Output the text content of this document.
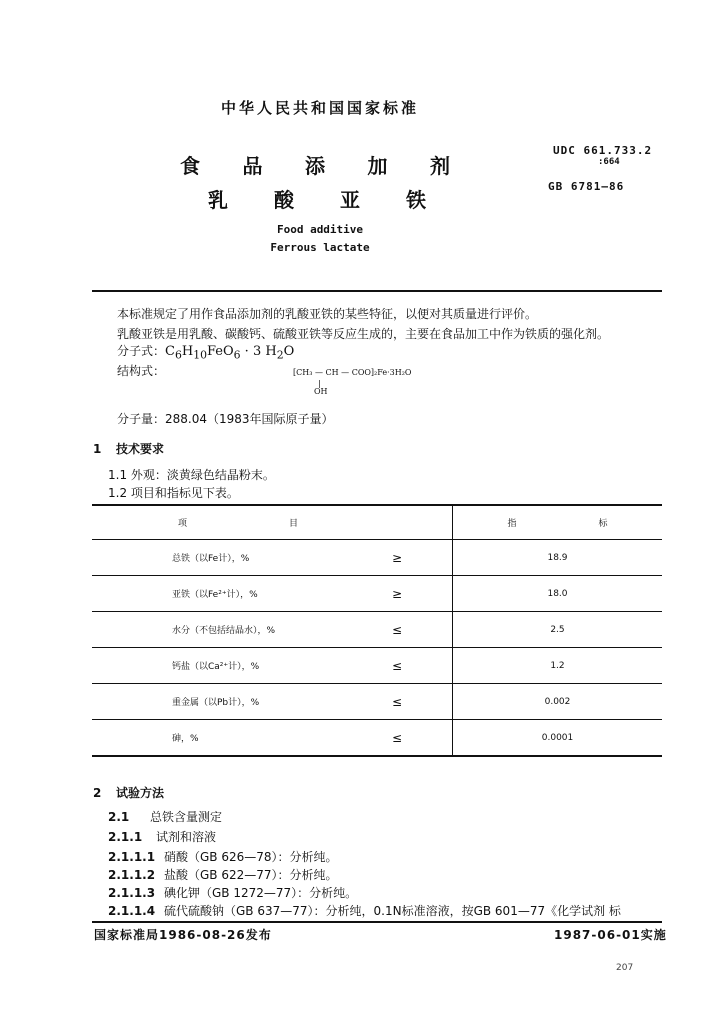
中华人民共和国国家标准
UDC 661.733.2
:664
GB 6781—86
食 品 添 加 剂
乳 酸 亚 铁
Food additive
Ferrous lactate
本标准规定了用作食品添加剂的乳酸亚铁的某些特征，以便对其质量进行评价。
乳酸亚铁是用乳酸、碳酸钙、硫酸亚铁等反应生成的，主要在食品加工中作为铁质的强化剂。
分子式：$C_6H_{10}FeO_6 \cdot 3$ $H_2O$
结构式：	[CH₃ — CH — COO]₂Fe·3H₂O
|
OH
分子量：288.04（1983年国际原子量）
1 技术要求
1.1 外观：淡黄绿色结晶粉末。
1.2 项目和指标见下表。
项 目		指 标

总铁（以Fe计），%	≥	18.9
亚铁（以Fe²⁺计），%	≥	18.0
水分（不包括结晶水），%	≤	2.5
钙盐（以Ca²⁺计），%	≤	1.2
重金属（以Pb计），%	≤	0.002
砷，%	≤	0.0001
2 试验方法
2.1 总铁含量测定
2.1.1 试剂和溶液
2.1.1.1 硝酸（GB 626—78）：分析纯。
2.1.1.2 盐酸（GB 622—77）：分析纯。
2.1.1.3 碘化钾（GB 1272—77）：分析纯。
2.1.1.4 硫代硫酸钠（GB 637—77）：分析纯，0.1N标准溶液，按GB 601—77《化学试剂 标
国家标准局1986-08-26发布	1987-06-01实施
207
